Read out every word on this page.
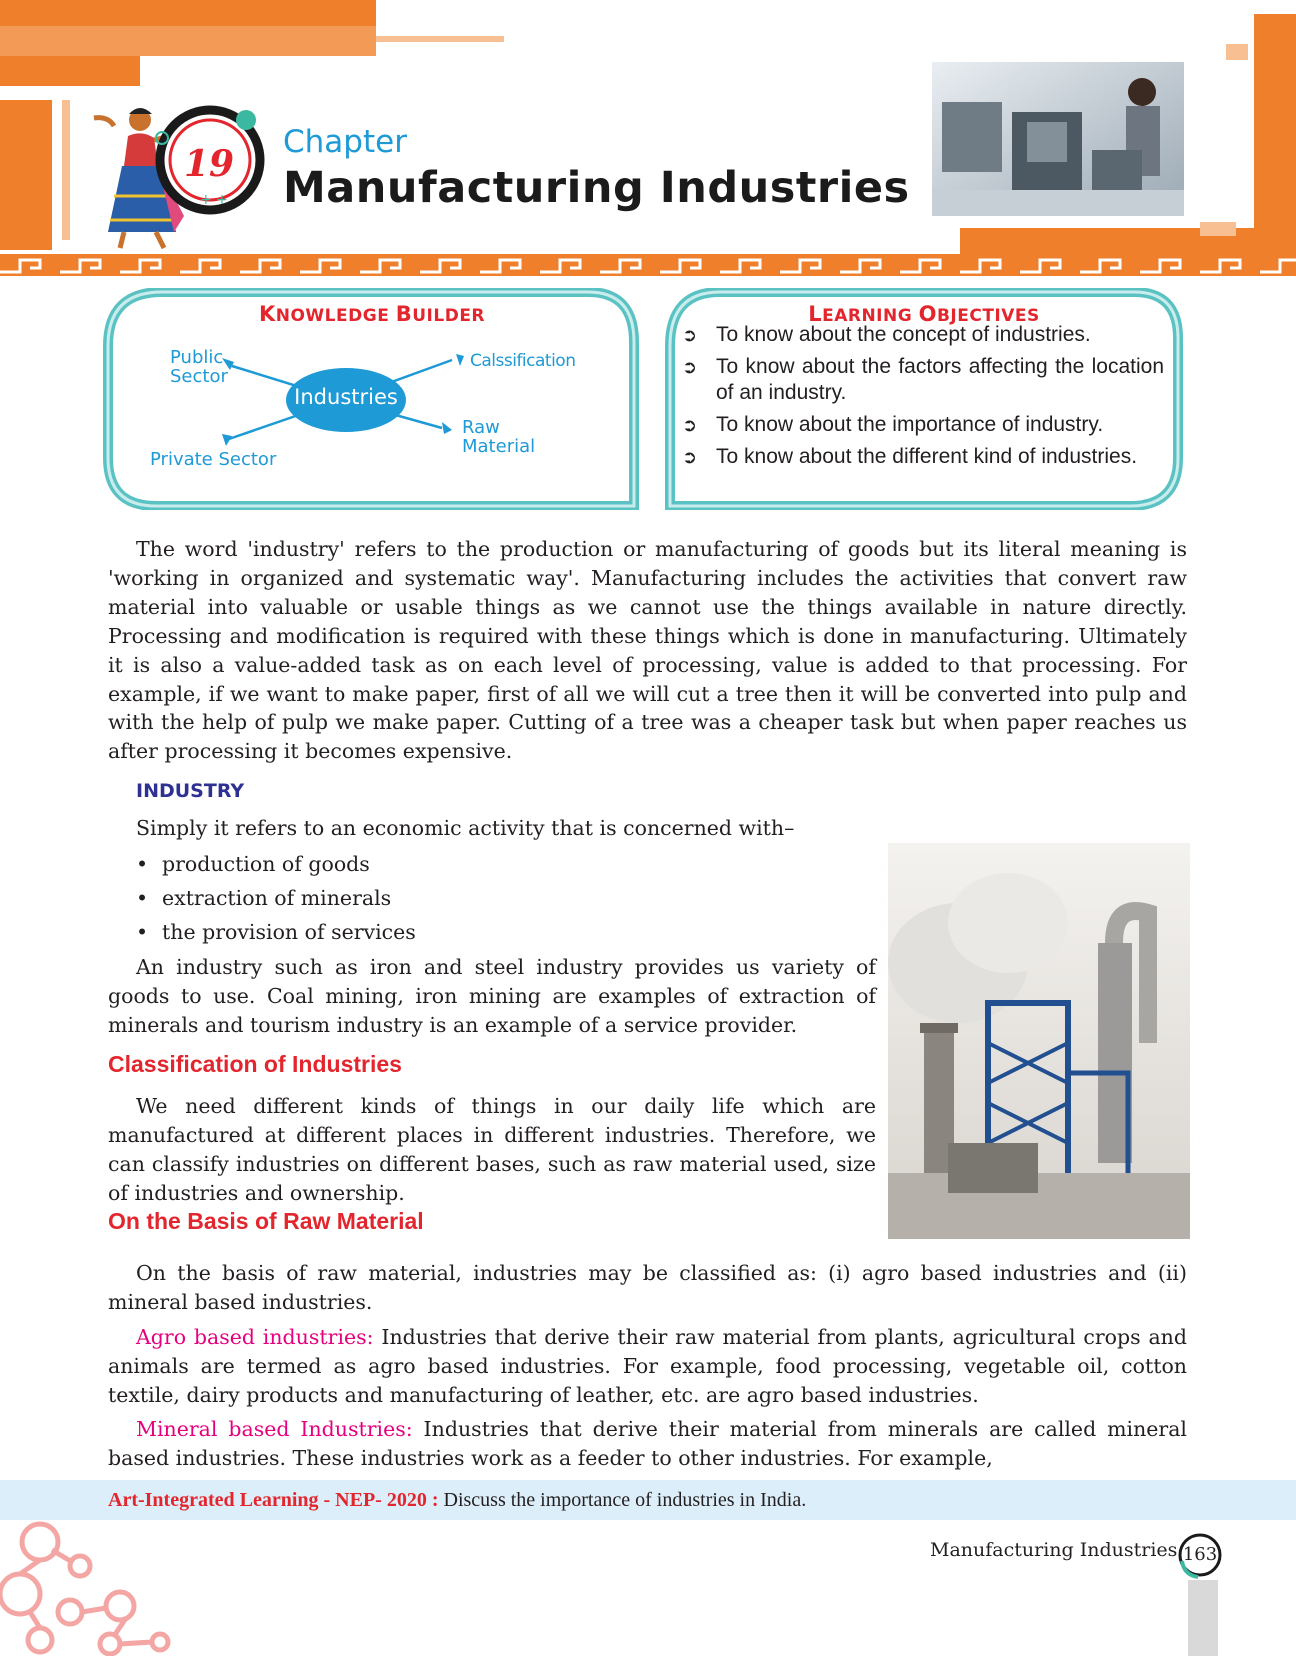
+ +
19
Chapter
Manufacturing Industries
KNOWLEDGE BUILDER
Industries
Public
Sector
Calssification
Raw
Material
Private Sector
LEARNING OBJECTIVES
➲ To know about the concept of industries.
➲ To know about the factors affecting the location of an industry.
➲ To know about the importance of industry.
➲ To know about the different kind of industries.

The word 'industry' refers to the production or manufacturing of goods but its literal meaning is 'working in organized and systematic way'. Manufacturing includes the activities that convert raw material into valuable or usable things as we cannot use the things available in nature directly. Processing and modification is required with these things which is done in manufacturing. Ultimately it is also a value-added task as on each level of processing, value is added to that processing. For example, if we want to make paper, first of all we will cut a tree then it will be converted into pulp and with the help of pulp we make paper. Cutting of a tree was a cheaper task but when paper reaches us after processing it becomes expensive.

INDUSTRY

Simply it refers to an economic activity that is concerned with–

• production of goods
• extraction of minerals
• the provision of services

An industry such as iron and steel industry provides us variety of goods to use. Coal mining, iron mining are examples of extraction of minerals and tourism industry is an example of a service provider.

Classification of Industries

We need different kinds of things in our daily life which are manufactured at different places in different industries. Therefore, we can classify industries on different bases, such as raw material used, size of industries and ownership.

On the Basis of Raw Material

On the basis of raw material, industries may be classified as: (i) agro based industries and (ii) mineral based industries.

Agro based industries: Industries that derive their raw material from plants, agricultural crops and animals are termed as agro based industries. For example, food processing, vegetable oil, cotton textile, dairy products and manufacturing of leather, etc. are agro based industries.

Mineral based Industries: Industries that derive their material from minerals are called mineral based industries. These industries work as a feeder to other industries. For example,

Art-Integrated Learning - NEP- 2020 : Discuss the importance of industries in India.
Manufacturing Industries 163
